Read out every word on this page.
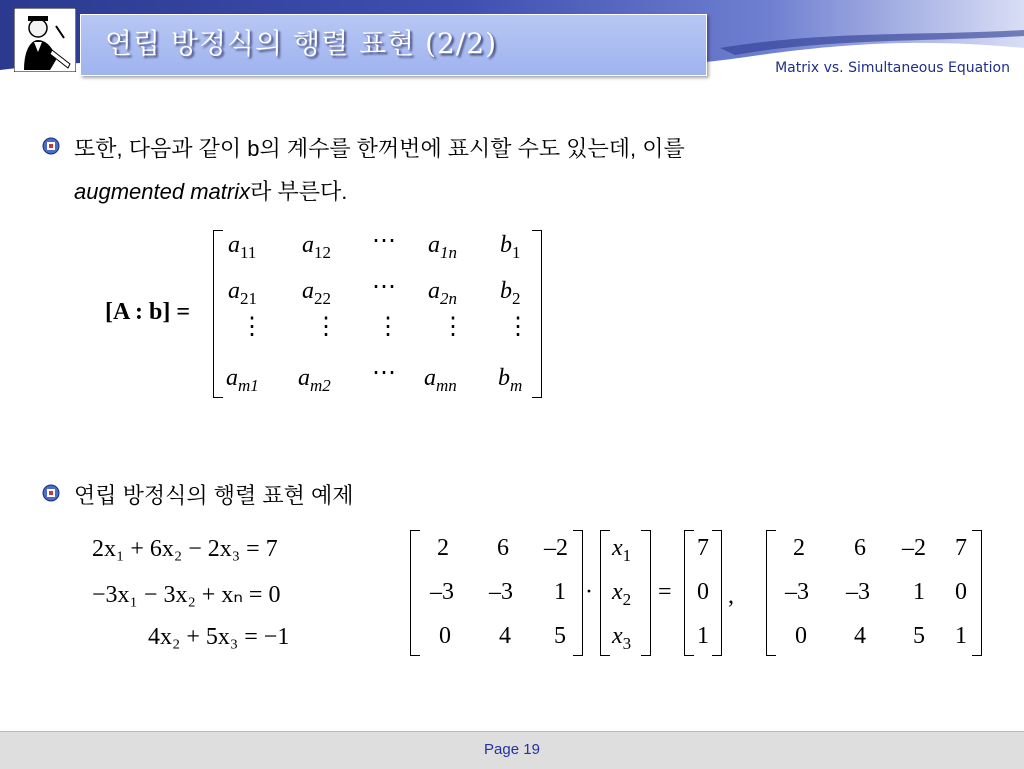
연립 방정식의 행렬 표현 (2/2)
Matrix vs. Simultaneous Equation
또한, 다음과 같이 b의 계수를 한꺼번에 표시할 수도 있는데, 이를
augmented matrix라 부른다.
[A : b] =
$a_{11}$ $a_{12}$ ⋯ $a_{1n}$ $b_1$
$a_{21}$ $a_{22}$ ⋯ $a_{2n}$ $b_2$
⋮ ⋮ ⋮ ⋮ ⋮
$a_{m1}$ $a_{m2}$ ⋯ $a_{mn}$ $b_m$
연립 방정식의 행렬 표현 예제
2x₁ + 6x₂ − 2x₃ = 7
−3x₁ − 3x₂ + xₙ = 0
4x₂ + 5x₃ = −1
2	6	–2
–3	–3	1
0	4	5
·
$x_1$
$x_2$
$x_3$
=
7
0
1
,
2	6	–2	7
–3	–3	1	0
0	4	5	1
Page 19
